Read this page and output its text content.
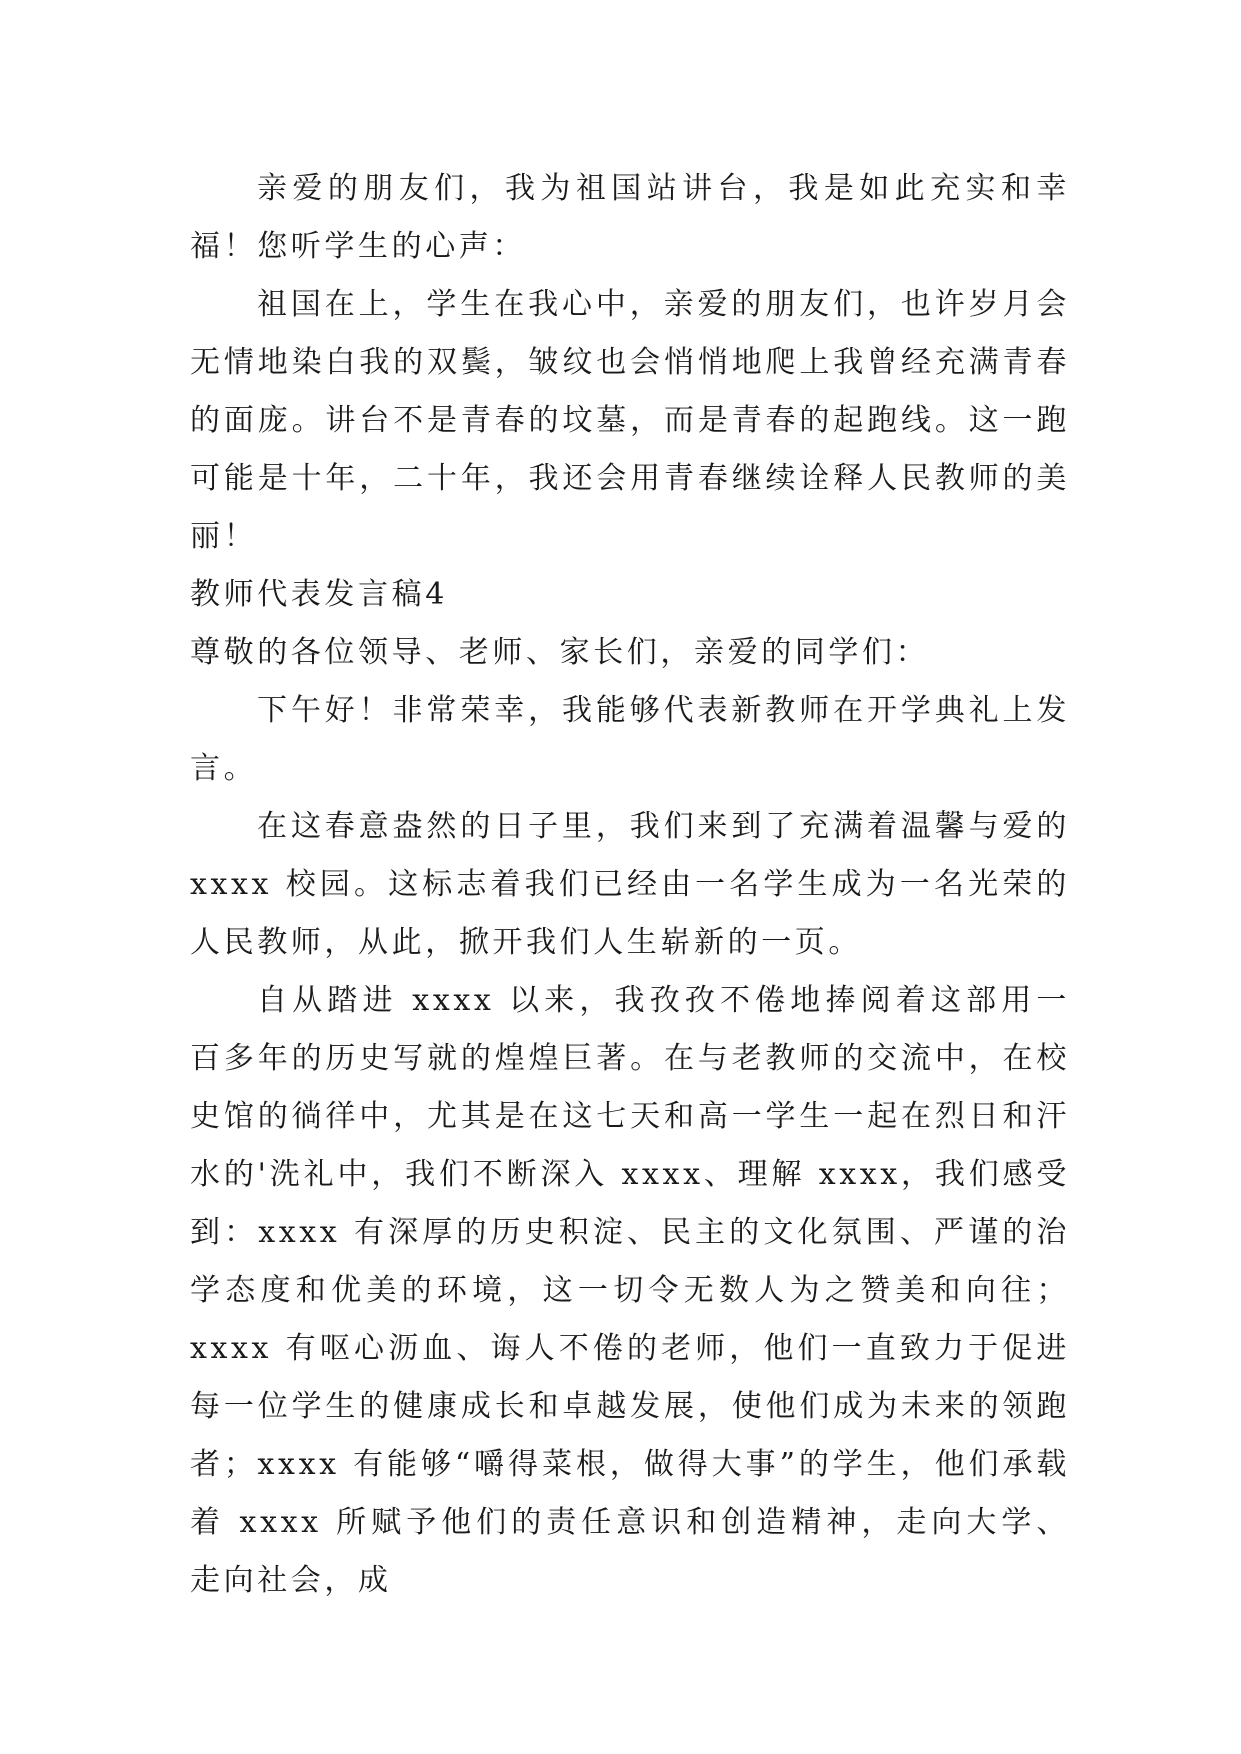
亲爱的朋友们，我为祖国站讲台，我是如此充实和幸福！您听学生的心声：

祖国在上，学生在我心中，亲爱的朋友们，也许岁月会无情地染白我的双鬓，皱纹也会悄悄地爬上我曾经充满青春的面庞。讲台不是青春的坟墓，而是青春的起跑线。这一跑可能是十年，二十年，我还会用青春继续诠释人民教师的美丽！

教师代表发言稿4

尊敬的各位领导、老师、家长们，亲爱的同学们：

下午好！非常荣幸，我能够代表新教师在开学典礼上发言。

在这春意盎然的日子里，我们来到了充满着温馨与爱的 xxxx 校园。这标志着我们已经由一名学生成为一名光荣的人民教师，从此，掀开我们人生崭新的一页。

自从踏进 xxxx 以来，我孜孜不倦地捧阅着这部用一百多年的历史写就的煌煌巨著。在与老教师的交流中，在校史馆的徜徉中，尤其是在这七天和高一学生一起在烈日和汗水的'洗礼中，我们不断深入 xxxx、理解 xxxx，我们感受到：xxxx 有深厚的历史积淀、民主的文化氛围、严谨的治学态度和优美的环境，这一切令无数人为之赞美和向往；xxxx 有呕心沥血、诲人不倦的老师，他们一直致力于促进每一位学生的健康成长和卓越发展，使他们成为未来的领跑者；xxxx 有能够“嚼得菜根，做得大事”的学生，他们承载着 xxxx 所赋予他们的责任意识和创造精神，走向大学、走向社会，成
